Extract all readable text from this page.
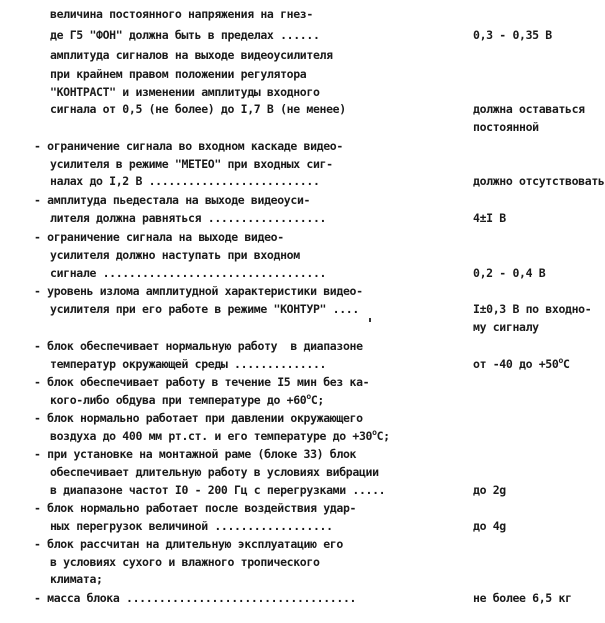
величина постоянного напряжения на гнез-
де Г5 "ФОН" должна быть в пределах ......	0,3 - 0,35 В
амплитуда сигналов на выходе видеоусилителя
при крайнем правом положении регулятора
"КОНТРАСТ" и изменении амплитуды входного
сигнала от 0,5 (не более) до I,7 В (не менее)	должна оставаться
постоянной
- ограничение сигнала во входном каскаде видео-
усилителя в режиме "МЕТЕО" при входных сиг-
налах до I,2 В ..........................	должно отсутствовать
- амплитуда пьедестала на выходе видеоуси-
лителя должна равняться ..................	4±I В
- ограничение сигнала на выходе видео-
усилителя должно наступать при входном
сигнале ..................................	0,2 - 0,4 В
- уровень излома амплитудной характеристики видео-
усилителя при его работе в режиме "КОНТУР" ....	I±0,3 В по входно-
му сигналу
- блок обеспечивает нормальную работу  в диапазоне
температур окружающей среды ..............	от -40 до $+50^oC$
- блок обеспечивает работу в течение I5 мин без ка-
кого-либо обдува при температуре до $+60^oC$;
- блок нормально работает при давлении окружающего
воздуха до 400 мм рт.ст. и его температуре до $+30^oC$;
- при установке на монтажной раме (блоке 33) блок
обеспечивает длительную работу в условиях вибрации
в диапазоне частот I0 - 200 Гц с перегрузками .....	до 2g
- блок нормально работает после воздействия удар-
ных перегрузок величиной ..................	до 4g
- блок рассчитан на длительную эксплуатацию его
в условиях сухого и влажного тропического
климата;
- масса блока ...................................	не более 6,5 кг
